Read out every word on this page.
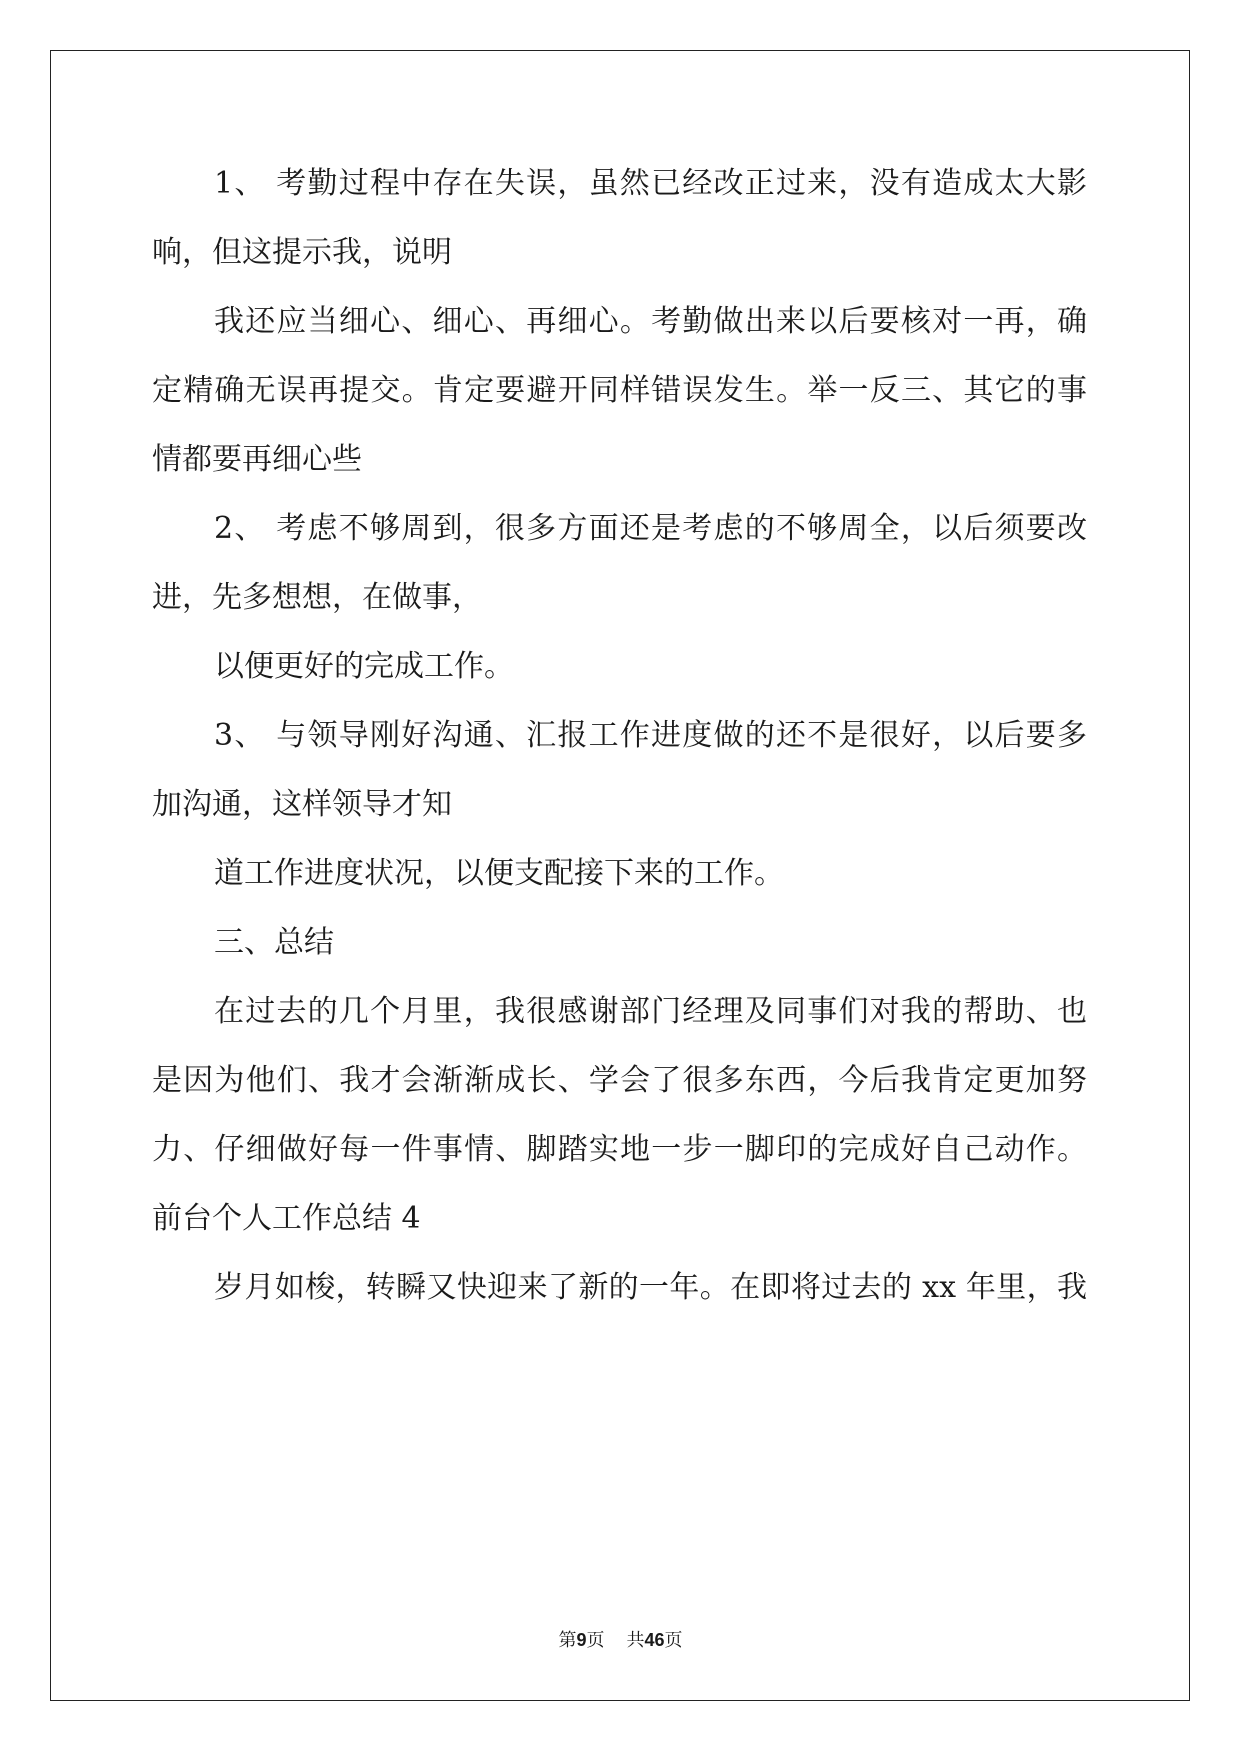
1、 考勤过程中存在失误，虽然已经改正过来，没有造成太大影
响，但这提示我，说明
我还应当细心、细心、再细心。考勤做出来以后要核对一再，确
定精确无误再提交。肯定要避开同样错误发生。举一反三、其它的事
情都要再细心些
2、 考虑不够周到，很多方面还是考虑的不够周全，以后须要改
进，先多想想，在做事，
以便更好的完成工作。
3、 与领导刚好沟通、汇报工作进度做的还不是很好，以后要多
加沟通，这样领导才知
道工作进度状况，以便支配接下来的工作。
三、总结
在过去的几个月里，我很感谢部门经理及同事们对我的帮助、也
是因为他们、我才会渐渐成长、学会了很多东西，今后我肯定更加努
力、仔细做好每一件事情、脚踏实地一步一脚印的完成好自己动作。
前台个人工作总结 4
岁月如梭，转瞬又快迎来了新的一年。在即将过去的 xx 年里，我
第9页 共46页
